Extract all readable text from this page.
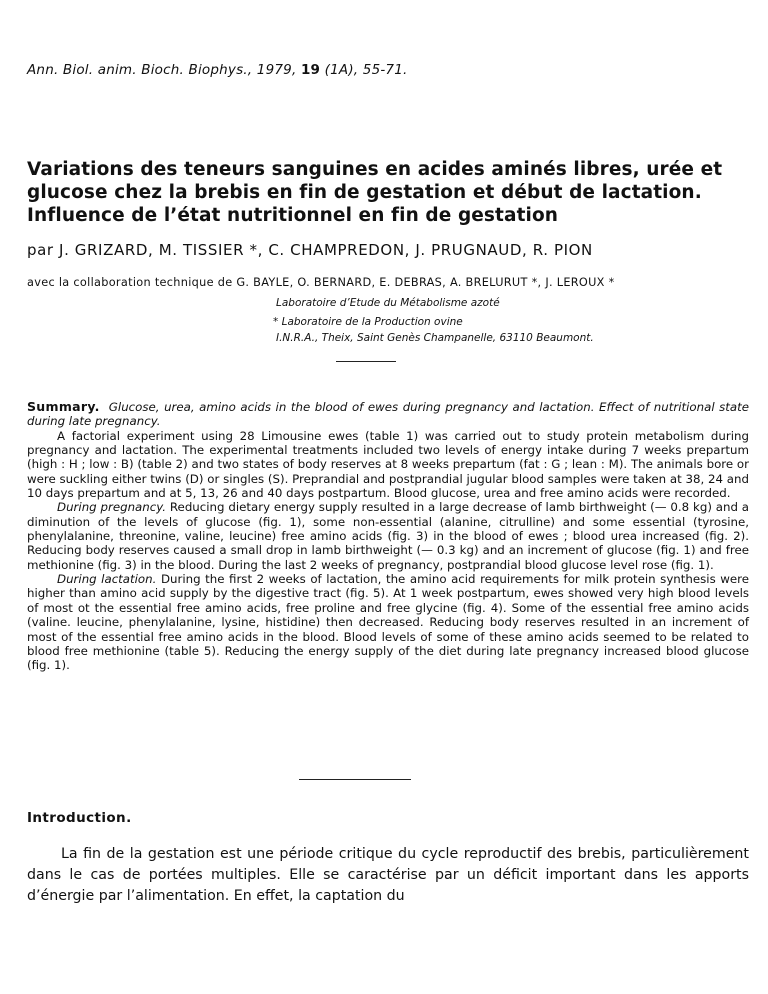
Ann. Biol. anim. Bioch. Biophys., 1979, 19 (1A), 55-71.
Variations des teneurs sanguines en acides aminés libres, urée et
glucose chez la brebis en fin de gestation et début de lactation.
Influence de l’état nutritionnel en fin de gestation
par J. GRIZARD, M. TISSIER *, C. CHAMPREDON, J. PRUGNAUD, R. PION
avec la collaboration technique de G. BAYLE, O. BERNARD, E. DEBRAS, A. BRELURUT *, J. LEROUX *
Laboratoire d’Etude du Métabolisme azoté
* Laboratoire de la Production ovine
I.N.R.A., Theix, Saint Genès Champanelle, 63110 Beaumont.

Summary. Glucose, urea, amino acids in the blood of ewes during pregnancy and lactation. Effect of nutritional state during late pregnancy.

A factorial experiment using 28 Limousine ewes (table 1) was carried out to study protein metabolism during pregnancy and lactation. The experimental treatments included two levels of energy intake during 7 weeks prepartum (high : H ; low : B) (table 2) and two states of body reserves at 8 weeks prepartum (fat : G ; lean : M). The animals bore or were suckling either twins (D) or singles (S). Preprandial and postprandial jugular blood samples were taken at 38, 24 and 10 days prepartum and at 5, 13, 26 and 40 days postpartum. Blood glucose, urea and free amino acids were recorded.

During pregnancy. Reducing dietary energy supply resulted in a large decrease of lamb birthweight (— 0.8 kg) and a diminution of the levels of glucose (fig. 1), some non-essential (alanine, citrulline) and some essential (tyrosine, phenylalanine, threonine, valine, leucine) free amino acids (fig. 3) in the blood of ewes ; blood urea increased (fig. 2). Reducing body reserves caused a small drop in lamb birthweight (— 0.3 kg) and an increment of glucose (fig. 1) and free methionine (fig. 3) in the blood. During the last 2 weeks of pregnancy, postprandial blood glucose level rose (fig. 1).

During lactation. During the first 2 weeks of lactation, the amino acid requirements for milk protein synthesis were higher than amino acid supply by the digestive tract (fig. 5). At 1 week postpartum, ewes showed very high blood levels of most ot the essential free amino acids, free proline and free glycine (fig. 4). Some of the essential free amino acids (valine. leucine, phenylalanine, lysine, histidine) then decreased. Reducing body reserves resulted in an increment of most of the essential free amino acids in the blood. Blood levels of some of these amino acids seemed to be related to blood free methionine (table 5). Reducing the energy supply of the diet during late pregnancy increased blood glucose (fig. 1).

Introduction.

La fin de la gestation est une période critique du cycle reproductif des brebis, particulièrement dans le cas de portées multiples. Elle se caractérise par un déficit important dans les apports d’énergie par l’alimentation. En effet, la captation du
